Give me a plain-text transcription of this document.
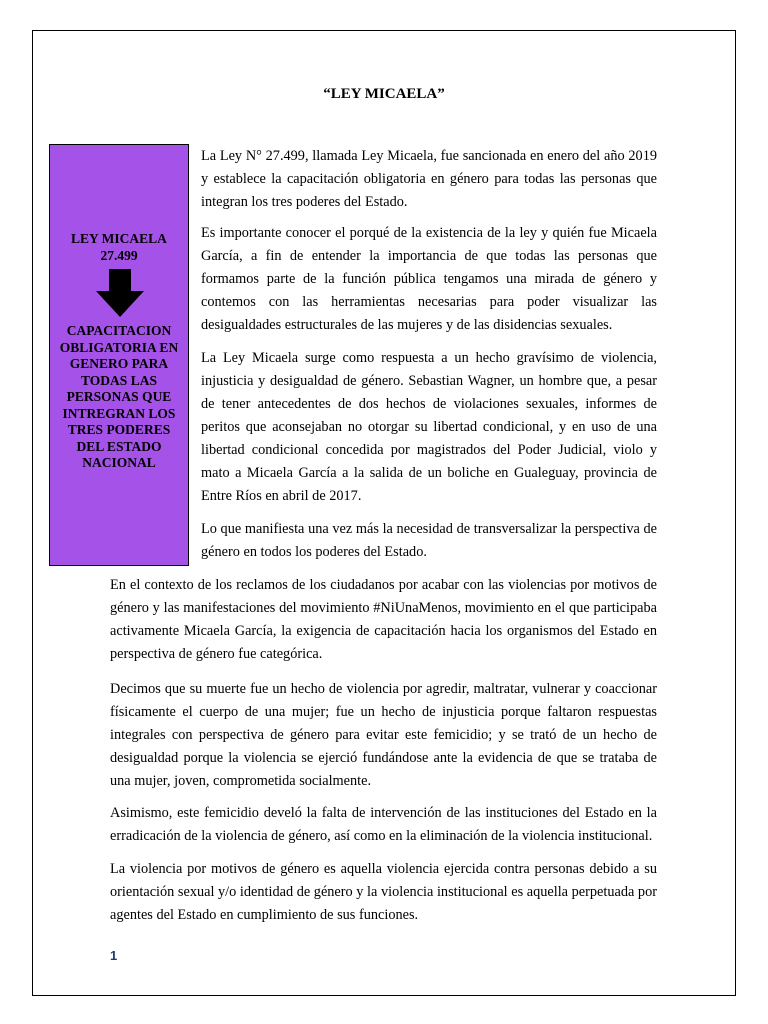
“LEY MICAELA”
LEY MICAELA
27.499
CAPACITACION OBLIGATORIA EN GENERO PARA TODAS LAS PERSONAS QUE INTREGRAN LOS TRES PODERES DEL ESTADO NACIONAL

La Ley N° 27.499, llamada Ley Micaela, fue sancionada en enero del año 2019 y establece la capacitación obligatoria en género para todas las personas que integran los tres poderes del Estado.

Es importante conocer el porqué de la existencia de la ley y quién fue Micaela García, a fin de entender la importancia de que todas las personas que formamos parte de la función pública tengamos una mirada de género y contemos con las herramientas necesarias para poder visualizar las desigualdades estructurales de las mujeres y de las disidencias sexuales.

La Ley Micaela surge como respuesta a un hecho gravísimo de violencia, injusticia y desigualdad de género. Sebastian Wagner, un hombre que, a pesar de tener antecedentes de dos hechos de violaciones sexuales, informes de peritos que aconsejaban no otorgar su libertad condicional, y en uso de una libertad condicional concedida por magistrados del Poder Judicial, violo y mato a Micaela García a la salida de un boliche en Gualeguay, provincia de Entre Ríos en abril de 2017.

Lo que manifiesta una vez más la necesidad de transversalizar la perspectiva de género en todos los poderes del Estado.

En el contexto de los reclamos de los ciudadanos por acabar con las violencias por motivos de género y las manifestaciones del movimiento #NiUnaMenos, movimiento en el que participaba activamente Micaela García, la exigencia de capacitación hacia los organismos del Estado en perspectiva de género fue categórica.

Decimos que su muerte fue un hecho de violencia por agredir, maltratar, vulnerar y coaccionar físicamente el cuerpo de una mujer; fue un hecho de injusticia porque faltaron respuestas integrales con perspectiva de género para evitar este femicidio; y se trató de un hecho de desigualdad porque la violencia se ejerció fundándose ante la evidencia de que se trataba de una mujer, joven, comprometida socialmente.

Asimismo, este femicidio develó la falta de intervención de las instituciones del Estado en la erradicación de la violencia de género, así como en la eliminación de la violencia institucional.

La violencia por motivos de género es aquella violencia ejercida contra personas debido a su orientación sexual y/o identidad de género y la violencia institucional es aquella perpetuada por agentes del Estado en cumplimiento de sus funciones.

1
